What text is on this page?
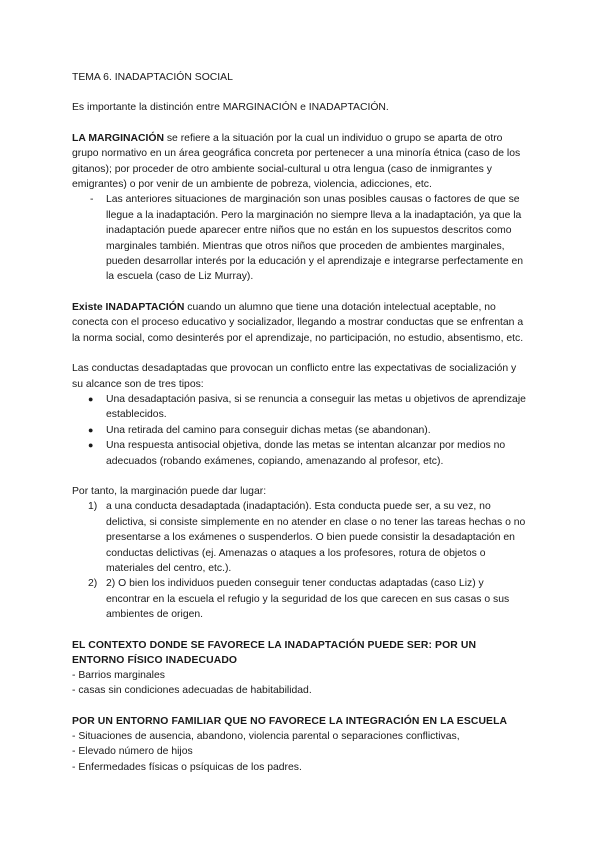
TEMA 6. INADAPTACIÓN SOCIAL

Es importante la distinción entre MARGINACIÓN e INADAPTACIÓN.

LA MARGINACIÓN se refiere a la situación por la cual un individuo o grupo se aparta de otro grupo normativo en un área geográfica concreta por pertenecer a una minoría étnica (caso de los gitanos); por proceder de otro ambiente social-cultural u otra lengua (caso de inmigrantes y emigrantes) o por venir de un ambiente de pobreza, violencia, adicciones, etc.

- Las anteriores situaciones de marginación son unas posibles causas o factores de que se llegue a la inadaptación. Pero la marginación no siempre lleva a la inadaptación, ya que la inadaptación puede aparecer entre niños que no están en los supuestos descritos como marginales también. Mientras que otros niños que proceden de ambientes marginales, pueden desarrollar interés por la educación y el aprendizaje e integrarse perfectamente en la escuela (caso de Liz Murray).

Existe INADAPTACIÓN cuando un alumno que tiene una dotación intelectual aceptable, no conecta con el proceso educativo y socializador, llegando a mostrar conductas que se enfrentan a la norma social, como desinterés por el aprendizaje, no participación, no estudio, absentismo, etc.

Las conductas desadaptadas que provocan un conflicto entre las expectativas de socialización y su alcance son de tres tipos:

● Una desadaptación pasiva, si se renuncia a conseguir las metas u objetivos de aprendizaje establecidos.
● Una retirada del camino para conseguir dichas metas (se abandonan).
● Una respuesta antisocial objetiva, donde las metas se intentan alcanzar por medios no adecuados (robando exámenes, copiando, amenazando al profesor, etc).

Por tanto, la marginación puede dar lugar:

1) a una conducta desadaptada (inadaptación). Esta conducta puede ser, a su vez, no delictiva, si consiste simplemente en no atender en clase o no tener las tareas hechas o no presentarse a los exámenes o suspenderlos. O bien puede consistir la desadaptación en conductas delictivas (ej. Amenazas o ataques a los profesores, rotura de objetos o materiales del centro, etc.).
2) 2) O bien los individuos pueden conseguir tener conductas adaptadas (caso Liz) y encontrar en la escuela el refugio y la seguridad de los que carecen en sus casas o sus ambientes de origen.
EL CONTEXTO DONDE SE FAVORECE LA INADAPTACIÓN PUEDE SER: POR UN ENTORNO FÍSICO INADECUADO
- Barrios marginales
- casas sin condiciones adecuadas de habitabilidad.
POR UN ENTORNO FAMILIAR QUE NO FAVORECE LA INTEGRACIÓN EN LA ESCUELA
- Situaciones de ausencia, abandono, violencia parental o separaciones conflictivas,
- Elevado número de hijos
- Enfermedades físicas o psíquicas de los padres.
